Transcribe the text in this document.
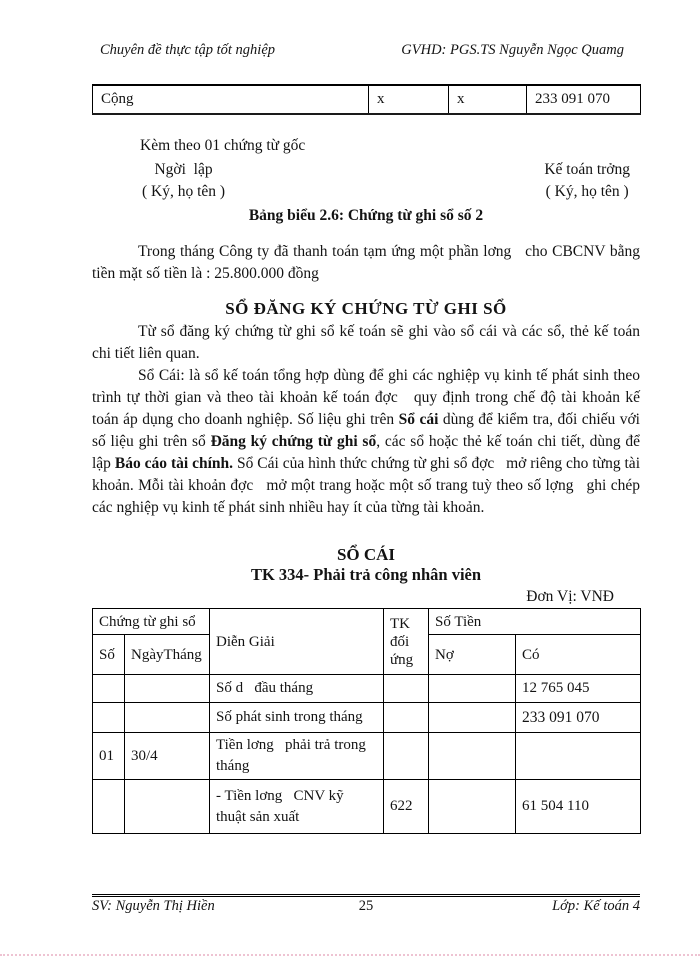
Chuyên đề thực tập tốt nghiệp	GVHD: PGS.TS Nguyễn Ngọc Quamg
Cộng	x	x	233 091 070

Kèm theo 01 chứng từ gốc

Ngời  lập
( Ký, họ tên )
Kế toán trởng
( Ký, họ tên )

Bảng biểu 2.6: Chứng từ ghi sổ số 2

Trong tháng Công ty đã thanh toán tạm ứng một phần lơng   cho CBCNV bằng tiền mặt số tiền là : 25.800.000 đồng

SỔ ĐĂNG KÝ CHỨNG TỪ GHI SỔ

Từ sổ đăng ký chứng từ ghi sổ kế toán sẽ ghi vào sổ cái và các sổ, thẻ kế toán chi tiết liên quan.

Sổ Cái: là sổ kế toán tổng hợp dùng để ghi các nghiệp vụ kinh tế phát sinh theo trình tự thời gian và theo tài khoản kế toán đợc   quy định trong chế độ tài khoản kế toán áp dụng cho doanh nghiệp. Số liệu ghi trên Sổ cái dùng để kiểm tra, đối chiếu với số liệu ghi trên sổ Đăng ký chứng từ ghi sổ, các sổ hoặc thẻ kế toán chi tiết, dùng để lập Báo cáo tài chính. Sổ Cái của hình thức chứng từ ghi sổ đợc   mở riêng cho từng tài khoản. Mỗi tài khoản đợc   mở một trang hoặc một số trang tuỳ theo số lợng   ghi chép các nghiệp vụ kinh tế phát sinh nhiều hay ít của từng tài khoản.

SỔ CÁI

TK 334- Phải trả công nhân viên

Đơn Vị: VNĐ

Chứng từ ghi sổ		Diễn Giải	TK đối ứng	Số Tiền	
Số	NgàyTháng			Nợ	Có
		Số d   đầu tháng			12 765 045
		Số phát sinh trong tháng			233 091 070
01	30/4	Tiền lơng   phải trả trong tháng			
		- Tiền lơng   CNV kỹ thuật sản xuất	622		61 504 110
SV: Nguyễn Thị Hiền	25	Lớp: Kế toán 4
